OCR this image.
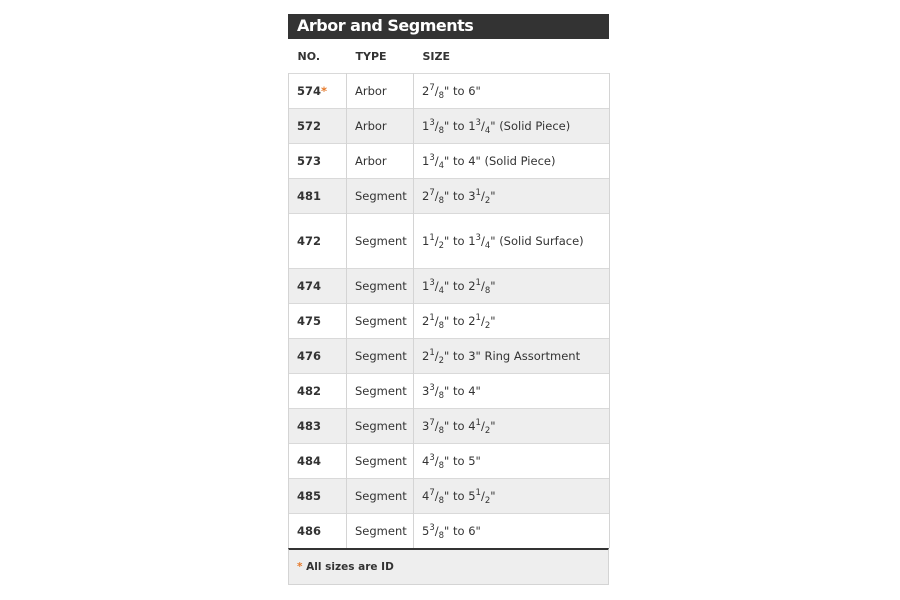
Arbor and Segments
NO.	TYPE	SIZE
574*	Arbor	$2^7/_8$" to 6"
572	Arbor	$1^3/_8$" to $1^3/_4$" (Solid Piece)
573	Arbor	$1^3/_4$" to 4" (Solid Piece)
481	Segment	$2^7/_8$" to $3^1/_2$"
472	Segment	$1^1/_2$" to $1^3/_4$" (Solid Surface)
474	Segment	$1^3/_4$" to $2^1/_8$"
475	Segment	$2^1/_8$" to $2^1/_2$"
476	Segment	$2^1/_2$" to 3" Ring Assortment
482	Segment	$3^3/_8$" to 4"
483	Segment	$3^7/_8$" to $4^1/_2$"
484	Segment	$4^3/_8$" to 5"
485	Segment	$4^7/_8$" to $5^1/_2$"
486	Segment	$5^3/_8$" to 6"
* All sizes are ID
